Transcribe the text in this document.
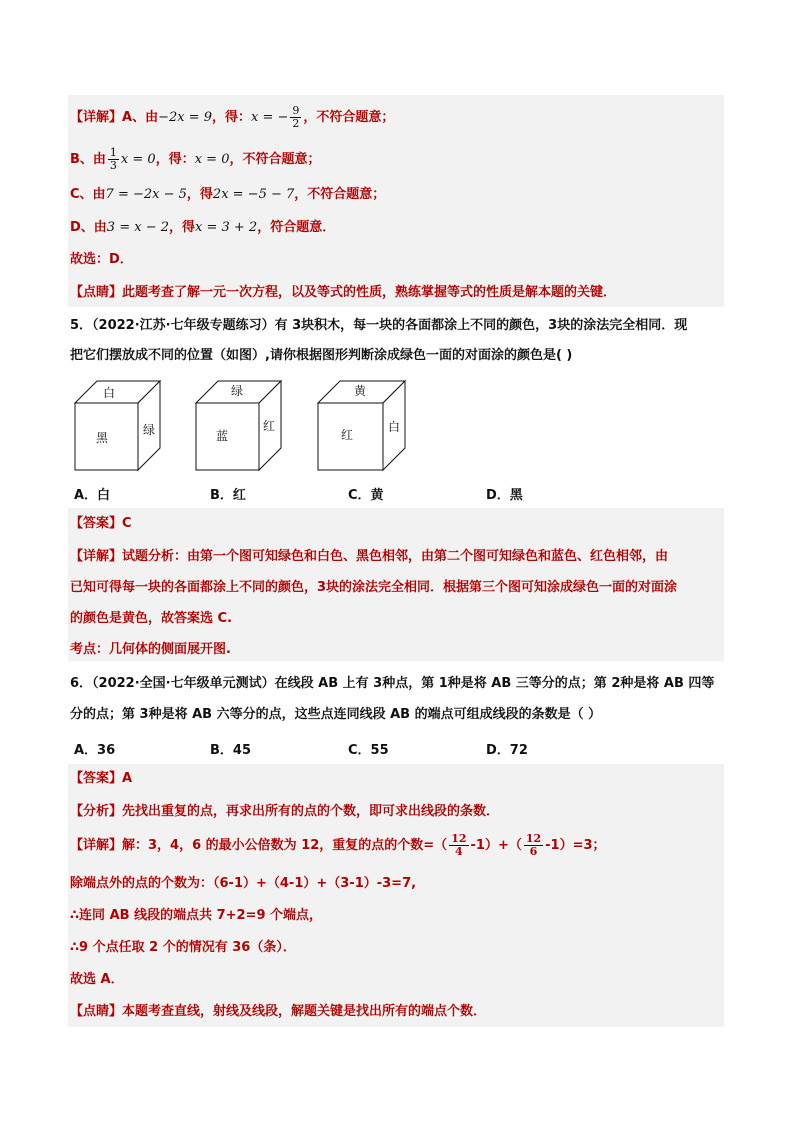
【详解】A、由−2x = 9，得：x = − $\frac{9}{2}$ ，不符合题意；
B、由 $\frac{1}{3}$ x = 0，得：x = 0，不符合题意；
C、由7 = −2x − 5，得2x = −5 − 7，不符合题意；
D、由3 = x − 2，得x = 3 + 2，符合题意．
故选：D．
【点睛】此题考查了解一元一次方程，以及等式的性质，熟练掌握等式的性质是解本题的关键．
5．（2022·江苏·七年级专题练习）有 3块积木，每一块的各面都涂上不同的颜色，3块的涂法完全相同．现
把它们摆放成不同的位置（如图）,请你根据图形判断涂成绿色一面的对面涂的颜色是( )
白
黑
绿
绿
蓝
红
黄
红
白
A．白	B．红	C．黄	D．黑
【答案】C
【详解】试题分析：由第一个图可知绿色和白色、黑色相邻，由第二个图可知绿色和蓝色、红色相邻，由
已知可得每一块的各面都涂上不同的颜色，3块的涂法完全相同．根据第三个图可知涂成绿色一面的对面涂
的颜色是黄色，故答案选 C.
考点：几何体的侧面展开图.
6．（2022·全国·七年级单元测试）在线段 AB 上有 3种点，第 1种是将 AB 三等分的点；第 2种是将 AB 四等
分的点；第 3种是将 AB 六等分的点，这些点连同线段 AB 的端点可组成线段的条数是（ ）
A．36	B．45	C．55	D．72
【答案】A
【分析】先找出重复的点，再求出所有的点的个数，即可求出线段的条数．
【详解】解：3，4，6 的最小公倍数为 12，重复的点的个数=（ $\frac{12}{4} -1)+( \frac{12}{6} -1)=3$；
除端点外的点的个数为：（6-1）+（4-1）+（3-1）-3=7,
∴连同 AB 线段的端点共 7+2=9 个端点，
∴9 个点任取 2 个的情况有 36（条）．
故选 A．
【点睛】本题考查直线，射线及线段，解题关键是找出所有的端点个数．
